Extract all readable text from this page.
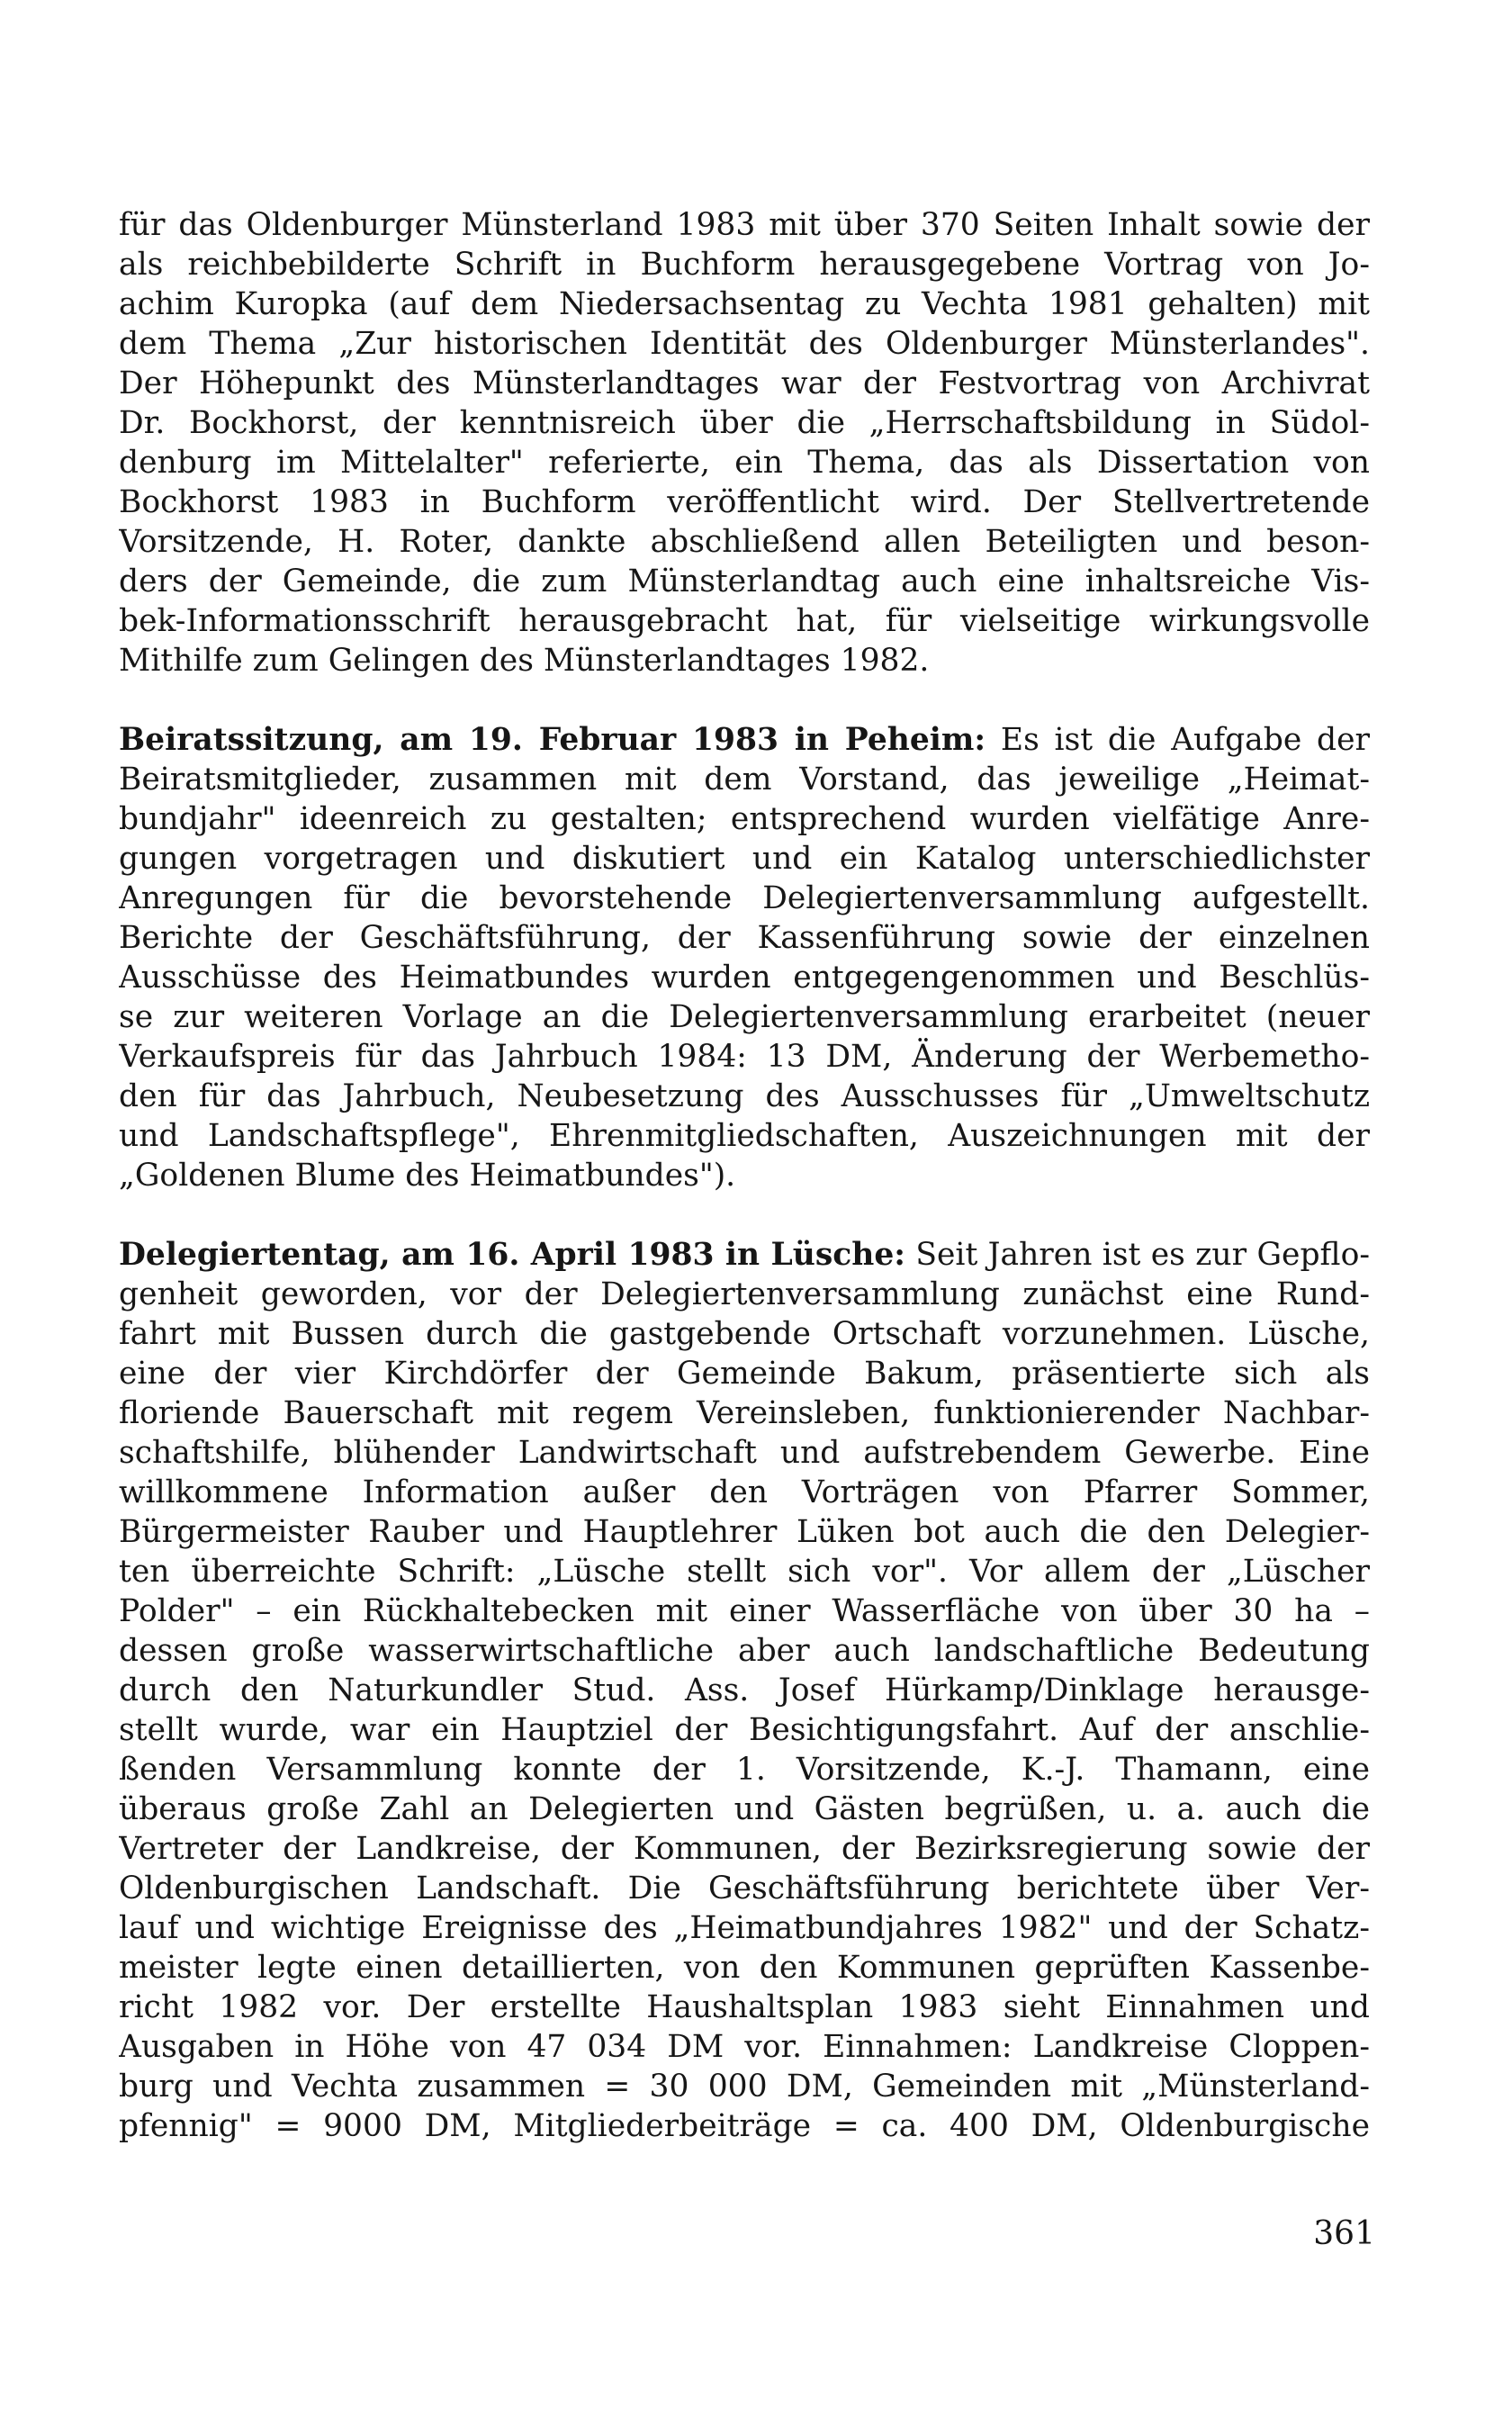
für das Oldenburger Münsterland 1983 mit über 370 Seiten Inhalt sowie der
als reichbebilderte Schrift in Buchform herausgegebene Vortrag von Jo-
achim Kuropka (auf dem Niedersachsentag zu Vechta 1981 gehalten) mit
dem Thema „Zur historischen Identität des Oldenburger Münsterlandes".
Der Höhepunkt des Münsterlandtages war der Festvortrag von Archivrat
Dr. Bockhorst, der kenntnisreich über die „Herrschaftsbildung in Südol-
denburg im Mittelalter" referierte, ein Thema, das als Dissertation von
Bockhorst 1983 in Buchform veröffentlicht wird. Der Stellvertretende
Vorsitzende, H. Roter, dankte abschließend allen Beteiligten und beson-
ders der Gemeinde, die zum Münsterlandtag auch eine inhaltsreiche Vis-
bek-Informationsschrift herausgebracht hat, für vielseitige wirkungsvolle
Mithilfe zum Gelingen des Münsterlandtages 1982.
Beiratssitzung, am 19. Februar 1983 in Peheim: Es ist die Aufgabe der
Beiratsmitglieder, zusammen mit dem Vorstand, das jeweilige „Heimat-
bundjahr" ideenreich zu gestalten; entsprechend wurden vielfätige Anre-
gungen vorgetragen und diskutiert und ein Katalog unterschiedlichster
Anregungen für die bevorstehende Delegiertenversammlung aufgestellt.
Berichte der Geschäftsführung, der Kassenführung sowie der einzelnen
Ausschüsse des Heimatbundes wurden entgegengenommen und Beschlüs-
se zur weiteren Vorlage an die Delegiertenversammlung erarbeitet (neuer
Verkaufspreis für das Jahrbuch 1984: 13 DM, Änderung der Werbemetho-
den für das Jahrbuch, Neubesetzung des Ausschusses für „Umweltschutz
und Landschaftspflege", Ehrenmitgliedschaften, Auszeichnungen mit der
„Goldenen Blume des Heimatbundes").
Delegiertentag, am 16. April 1983 in Lüsche: Seit Jahren ist es zur Gepflo-
genheit geworden, vor der Delegiertenversammlung zunächst eine Rund-
fahrt mit Bussen durch die gastgebende Ortschaft vorzunehmen. Lüsche,
eine der vier Kirchdörfer der Gemeinde Bakum, präsentierte sich als
floriende Bauerschaft mit regem Vereinsleben, funktionierender Nachbar-
schaftshilfe, blühender Landwirtschaft und aufstrebendem Gewerbe. Eine
willkommene Information außer den Vorträgen von Pfarrer Sommer,
Bürgermeister Rauber und Hauptlehrer Lüken bot auch die den Delegier-
ten überreichte Schrift: „Lüsche stellt sich vor". Vor allem der „Lüscher
Polder" – ein Rückhaltebecken mit einer Wasserfläche von über 30 ha –
dessen große wasserwirtschaftliche aber auch landschaftliche Bedeutung
durch den Naturkundler Stud. Ass. Josef Hürkamp/Dinklage herausge-
stellt wurde, war ein Hauptziel der Besichtigungsfahrt. Auf der anschlie-
ßenden Versammlung konnte der 1. Vorsitzende, K.-J. Thamann, eine
überaus große Zahl an Delegierten und Gästen begrüßen, u. a. auch die
Vertreter der Landkreise, der Kommunen, der Bezirksregierung sowie der
Oldenburgischen Landschaft. Die Geschäftsführung berichtete über Ver-
lauf und wichtige Ereignisse des „Heimatbundjahres 1982" und der Schatz-
meister legte einen detaillierten, von den Kommunen geprüften Kassenbe-
richt 1982 vor. Der erstellte Haushaltsplan 1983 sieht Einnahmen und
Ausgaben in Höhe von 47 034 DM vor. Einnahmen: Landkreise Cloppen-
burg und Vechta zusammen = 30 000 DM, Gemeinden mit „Münsterland-
pfennig" = 9000 DM, Mitgliederbeiträge = ca. 400 DM, Oldenburgische
361
